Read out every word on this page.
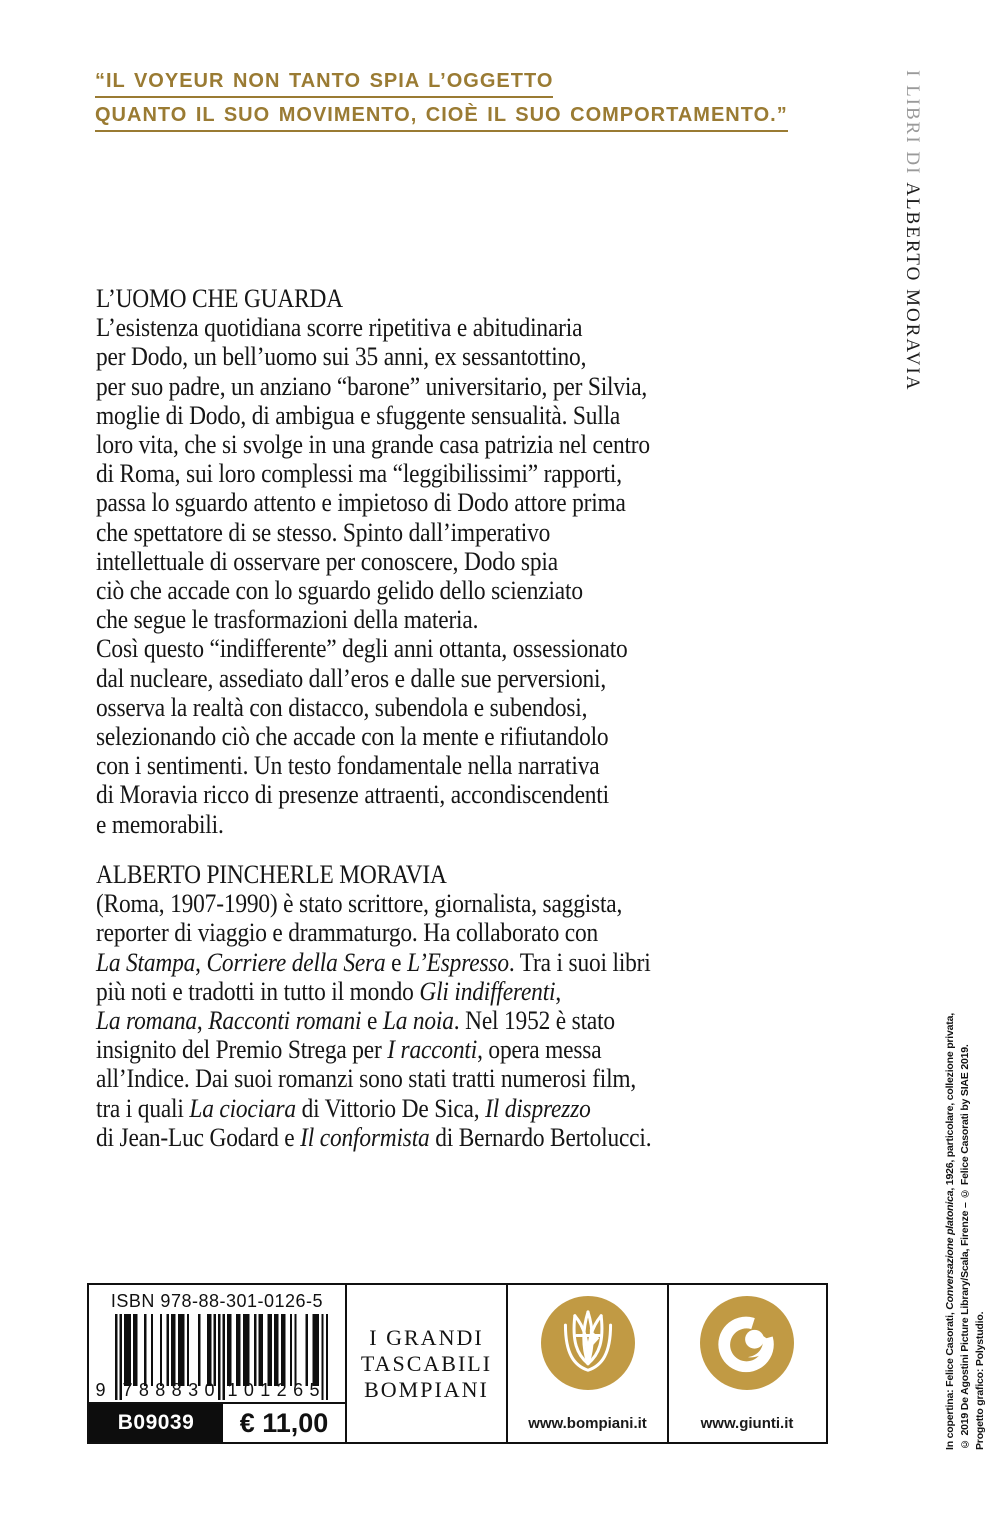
“IL VOYEUR NON TANTO SPIA L’OGGETTO
QUANTO IL SUO MOVIMENTO, CIOÈ IL SUO COMPORTAMENTO.”	I LIBRI DI ALBERTO MORAVIA
L’UOMO CHE GUARDA
L’esistenza quotidiana scorre ripetitiva e abitudinaria
per Dodo, un bell’uomo sui 35 anni, ex sessantottino,
per suo padre, un anziano “barone” universitario, per Silvia,
moglie di Dodo, di ambigua e sfuggente sensualità. Sulla
loro vita, che si svolge in una grande casa patrizia nel centro
di Roma, sui loro complessi ma “leggibilissimi” rapporti,
passa lo sguardo attento e impietoso di Dodo attore prima
che spettatore di se stesso. Spinto dall’imperativo
intellettuale di osservare per conoscere, Dodo spia
ciò che accade con lo sguardo gelido dello scienziato
che segue le trasformazioni della materia.
Così questo “indifferente” degli anni ottanta, ossessionato
dal nucleare, assediato dall’eros e dalle sue perversioni,
osserva la realtà con distacco, subendola e subendosi,
selezionando ciò che accade con la mente e rifiutandolo
con i sentimenti. Un testo fondamentale nella narrativa
di Moravia ricco di presenze attraenti, accondiscendenti
e memorabili.
ALBERTO PINCHERLE MORAVIA
(Roma, 1907-1990) è stato scrittore, giornalista, saggista,
reporter di viaggio e drammaturgo. Ha collaborato con
La Stampa, Corriere della Sera e L’Espresso. Tra i suoi libri
più noti e tradotti in tutto il mondo Gli indifferenti,
La romana, Racconti romani e La noia. Nel 1952 è stato
insignito del Premio Strega per I racconti, opera messa
all’Indice. Dai suoi romanzi sono stati tratti numerosi film,
tra i quali La ciociara di Vittorio De Sica, Il disprezzo
di Jean-Luc Godard e Il conformista di Bernardo Bertolucci.
ISBN 978-88-301-0126-5
9 7 8 8 8 3 0 1 0 1 2 6 5
B09039	€ 11,00
I GRANDI
TASCABILI
BOMPIANI
www.bompiani.it	www.giunti.it	In copertina: Felice Casorati, Conversazione platonica, 1926, particolare, collezione privata, © 2019 De Agostini Picture Library/Scala, Firenze – © Felice Casorati by SIAE 2019. Progetto grafico: Polystudio.
